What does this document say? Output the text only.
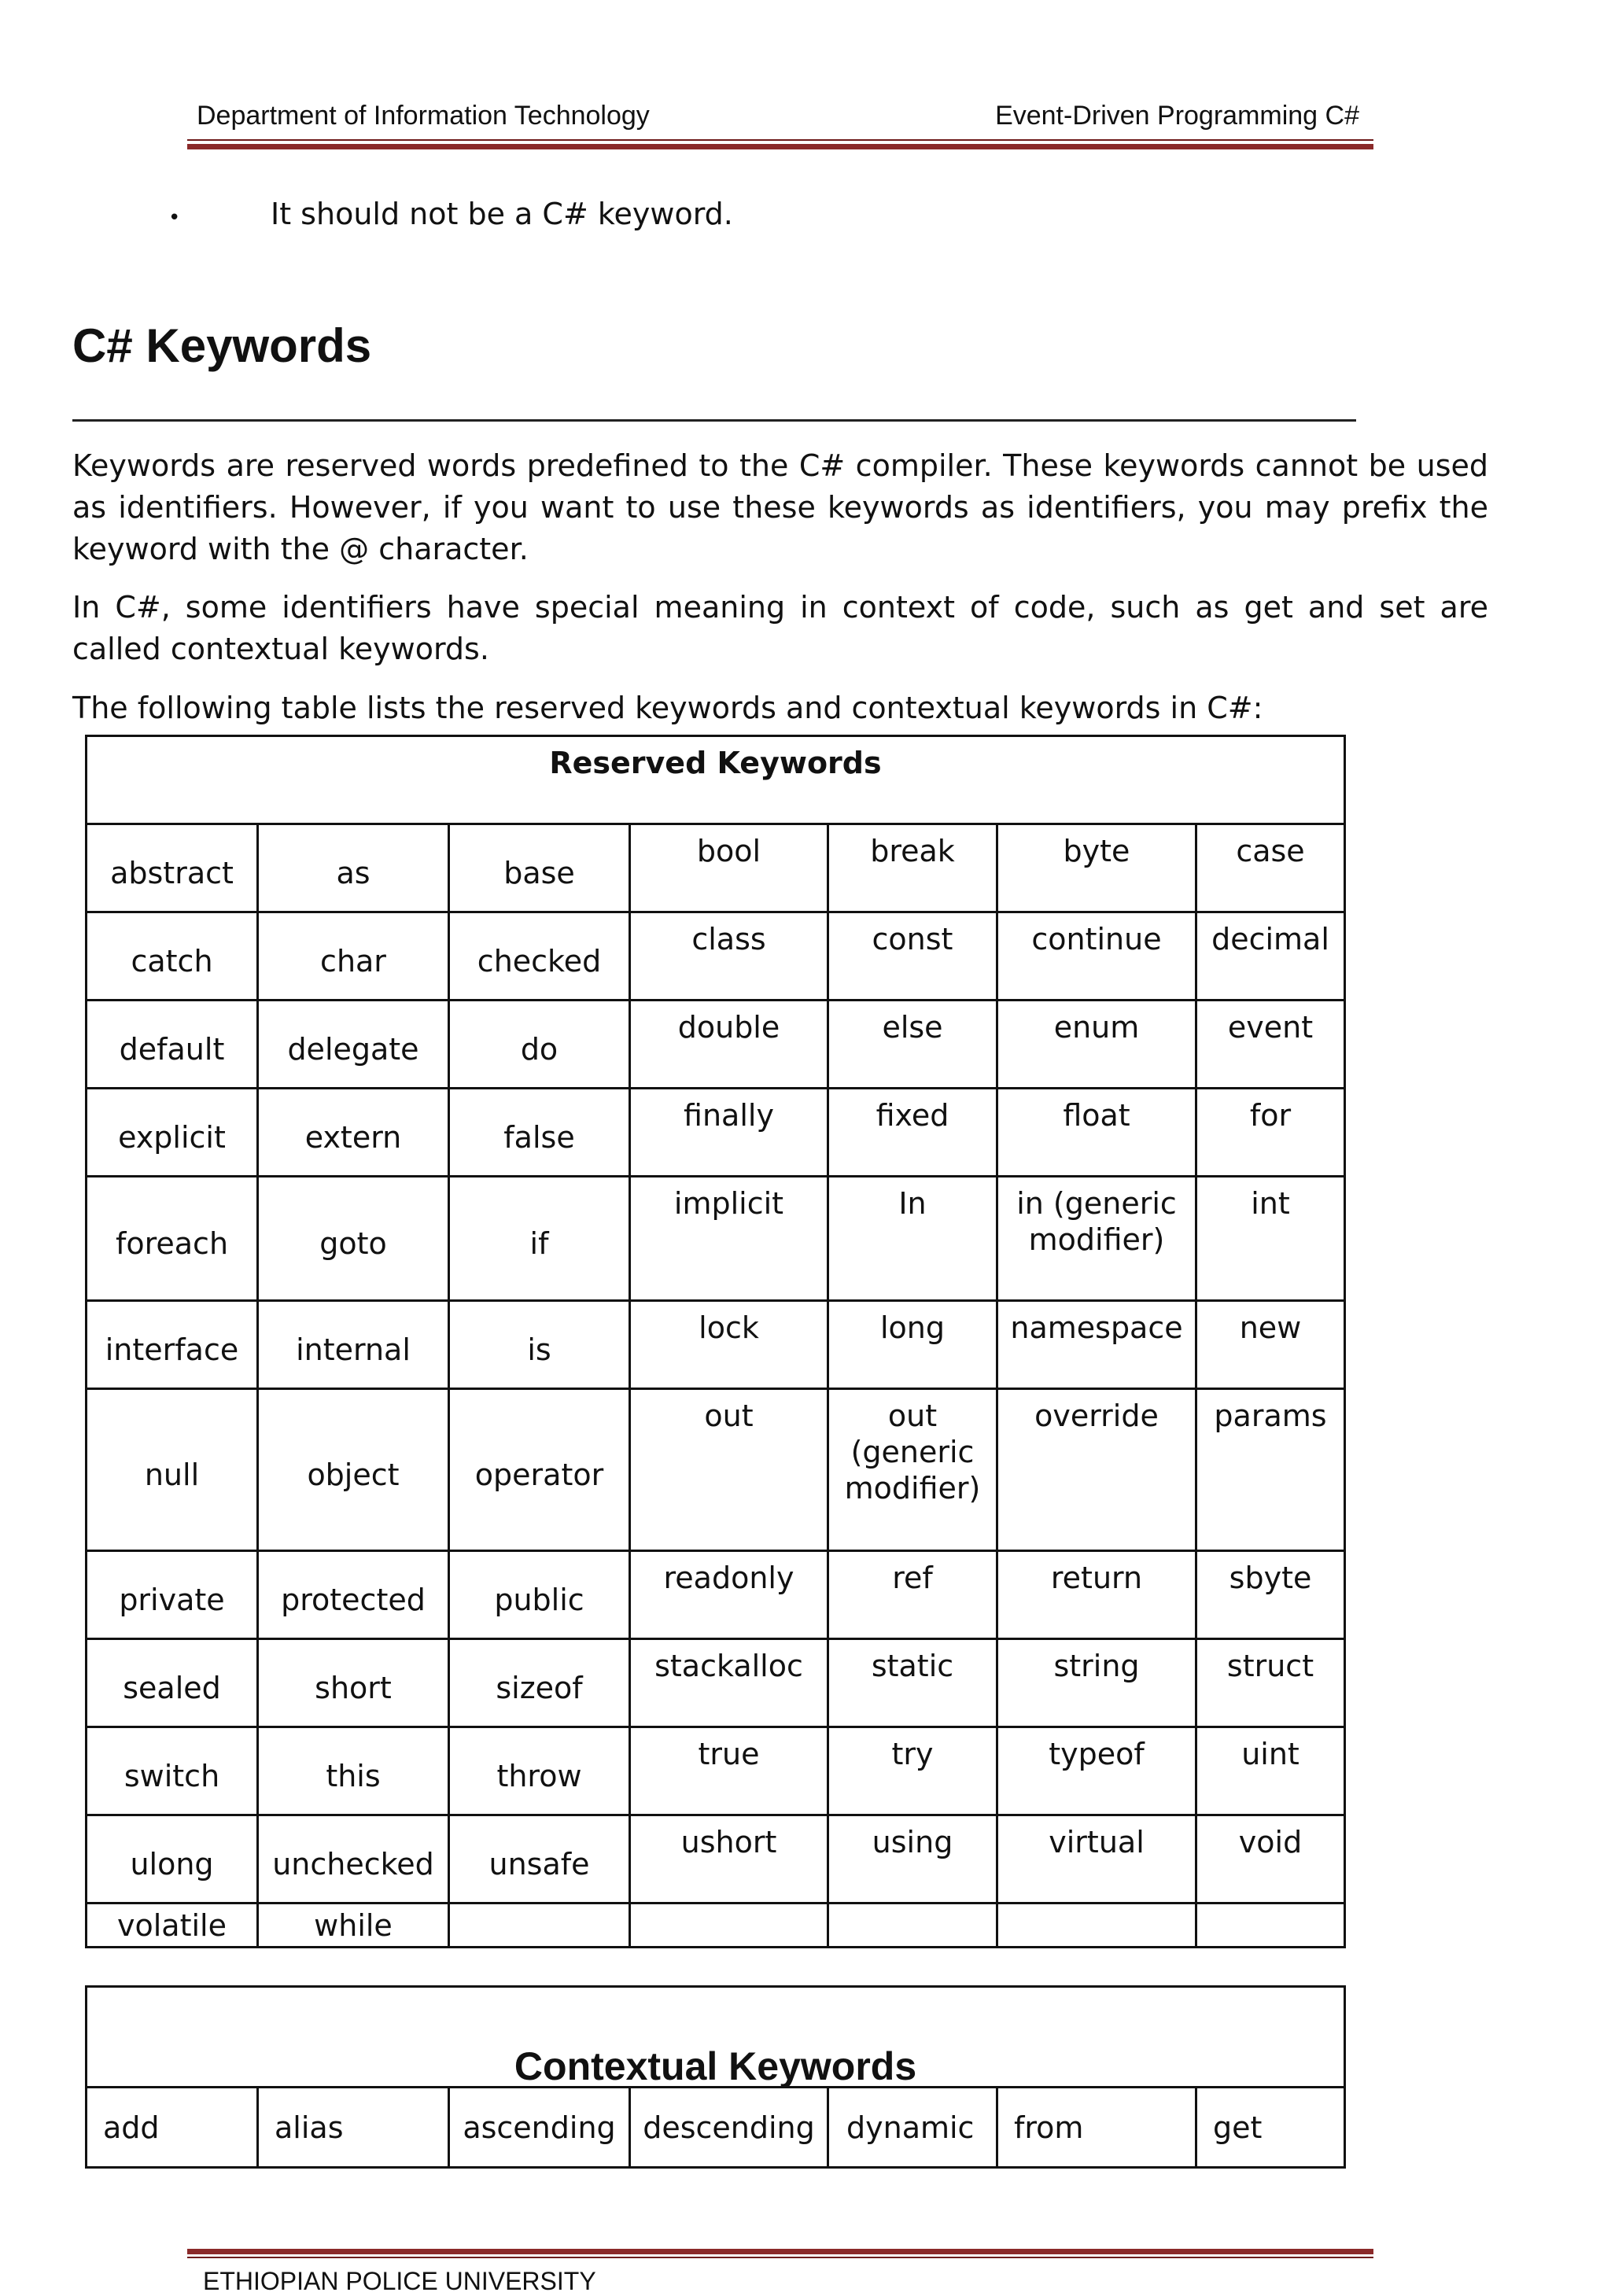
Department of Information Technology	Event-Driven Programming C#
•	It should not be a C# keyword.
C# Keywords
Keywords are reserved words predefined to the C# compiler. These keywords cannot be used as identifiers. However, if you want to use these keywords as identifiers, you may prefix the keyword with the @ character.
In C#, some identifiers have special meaning in context of code, such as get and set are called contextual keywords.
The following table lists the reserved keywords and contextual keywords in C#:
Reserved Keywords						
abstract	as	base	bool	break	byte	case
catch	char	checked	class	const	continue	decimal
default	delegate	do	double	else	enum	event
explicit	extern	false	finally	fixed	float	for
foreach	goto	if	implicit	In	in (generic modifier)	int
interface	internal	is	lock	long	namespace	new
null	object	operator	out	out (generic modifier)	override	params
private	protected	public	readonly	ref	return	sbyte
sealed	short	sizeof	stackalloc	static	string	struct
switch	this	throw	true	try	typeof	uint
ulong	unchecked	unsafe	ushort	using	virtual	void
volatile	while					
Contextual Keywords
add	alias	ascending	descending	dynamic	from	get
ETHIOPIAN POLICE UNIVERSITY
